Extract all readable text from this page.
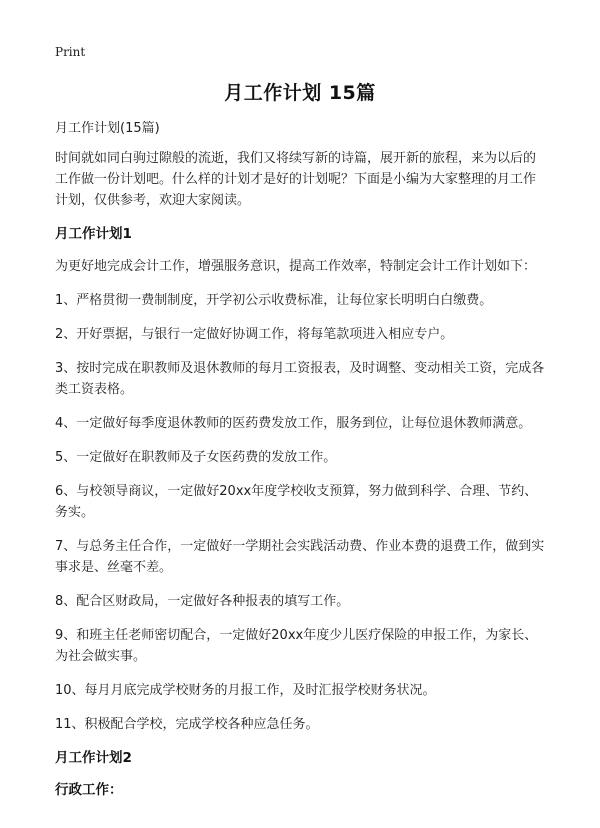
Print
月工作计划 15篇

月工作计划(15篇)

时间就如同白驹过隙般的流逝，我们又将续写新的诗篇，展开新的旅程，来为以后的工作做一份计划吧。什么样的计划才是好的计划呢？下面是小编为大家整理的月工作计划，仅供参考，欢迎大家阅读。

月工作计划1

为更好地完成会计工作，增强服务意识，提高工作效率，特制定会计工作计划如下：

1、严格贯彻一费制制度，开学初公示收费标准，让每位家长明明白白缴费。

2、开好票据，与银行一定做好协调工作，将每笔款项进入相应专户。

3、按时完成在职教师及退休教师的每月工资报表，及时调整、变动相关工资，完成各类工资表格。

4、一定做好每季度退休教师的医药费发放工作，服务到位，让每位退休教师满意。

5、一定做好在职教师及子女医药费的发放工作。

6、与校领导商议，一定做好20xx年度学校收支预算，努力做到科学、合理、节约、务实。

7、与总务主任合作，一定做好一学期社会实践活动费、作业本费的退费工作，做到实事求是、丝毫不差。

8、配合区财政局，一定做好各种报表的填写工作。

9、和班主任老师密切配合，一定做好20xx年度少儿医疗保险的申报工作，为家长、为社会做实事。

10、每月月底完成学校财务的月报工作，及时汇报学校财务状况。

11、积极配合学校，完成学校各种应急任务。

月工作计划2

行政工作：
